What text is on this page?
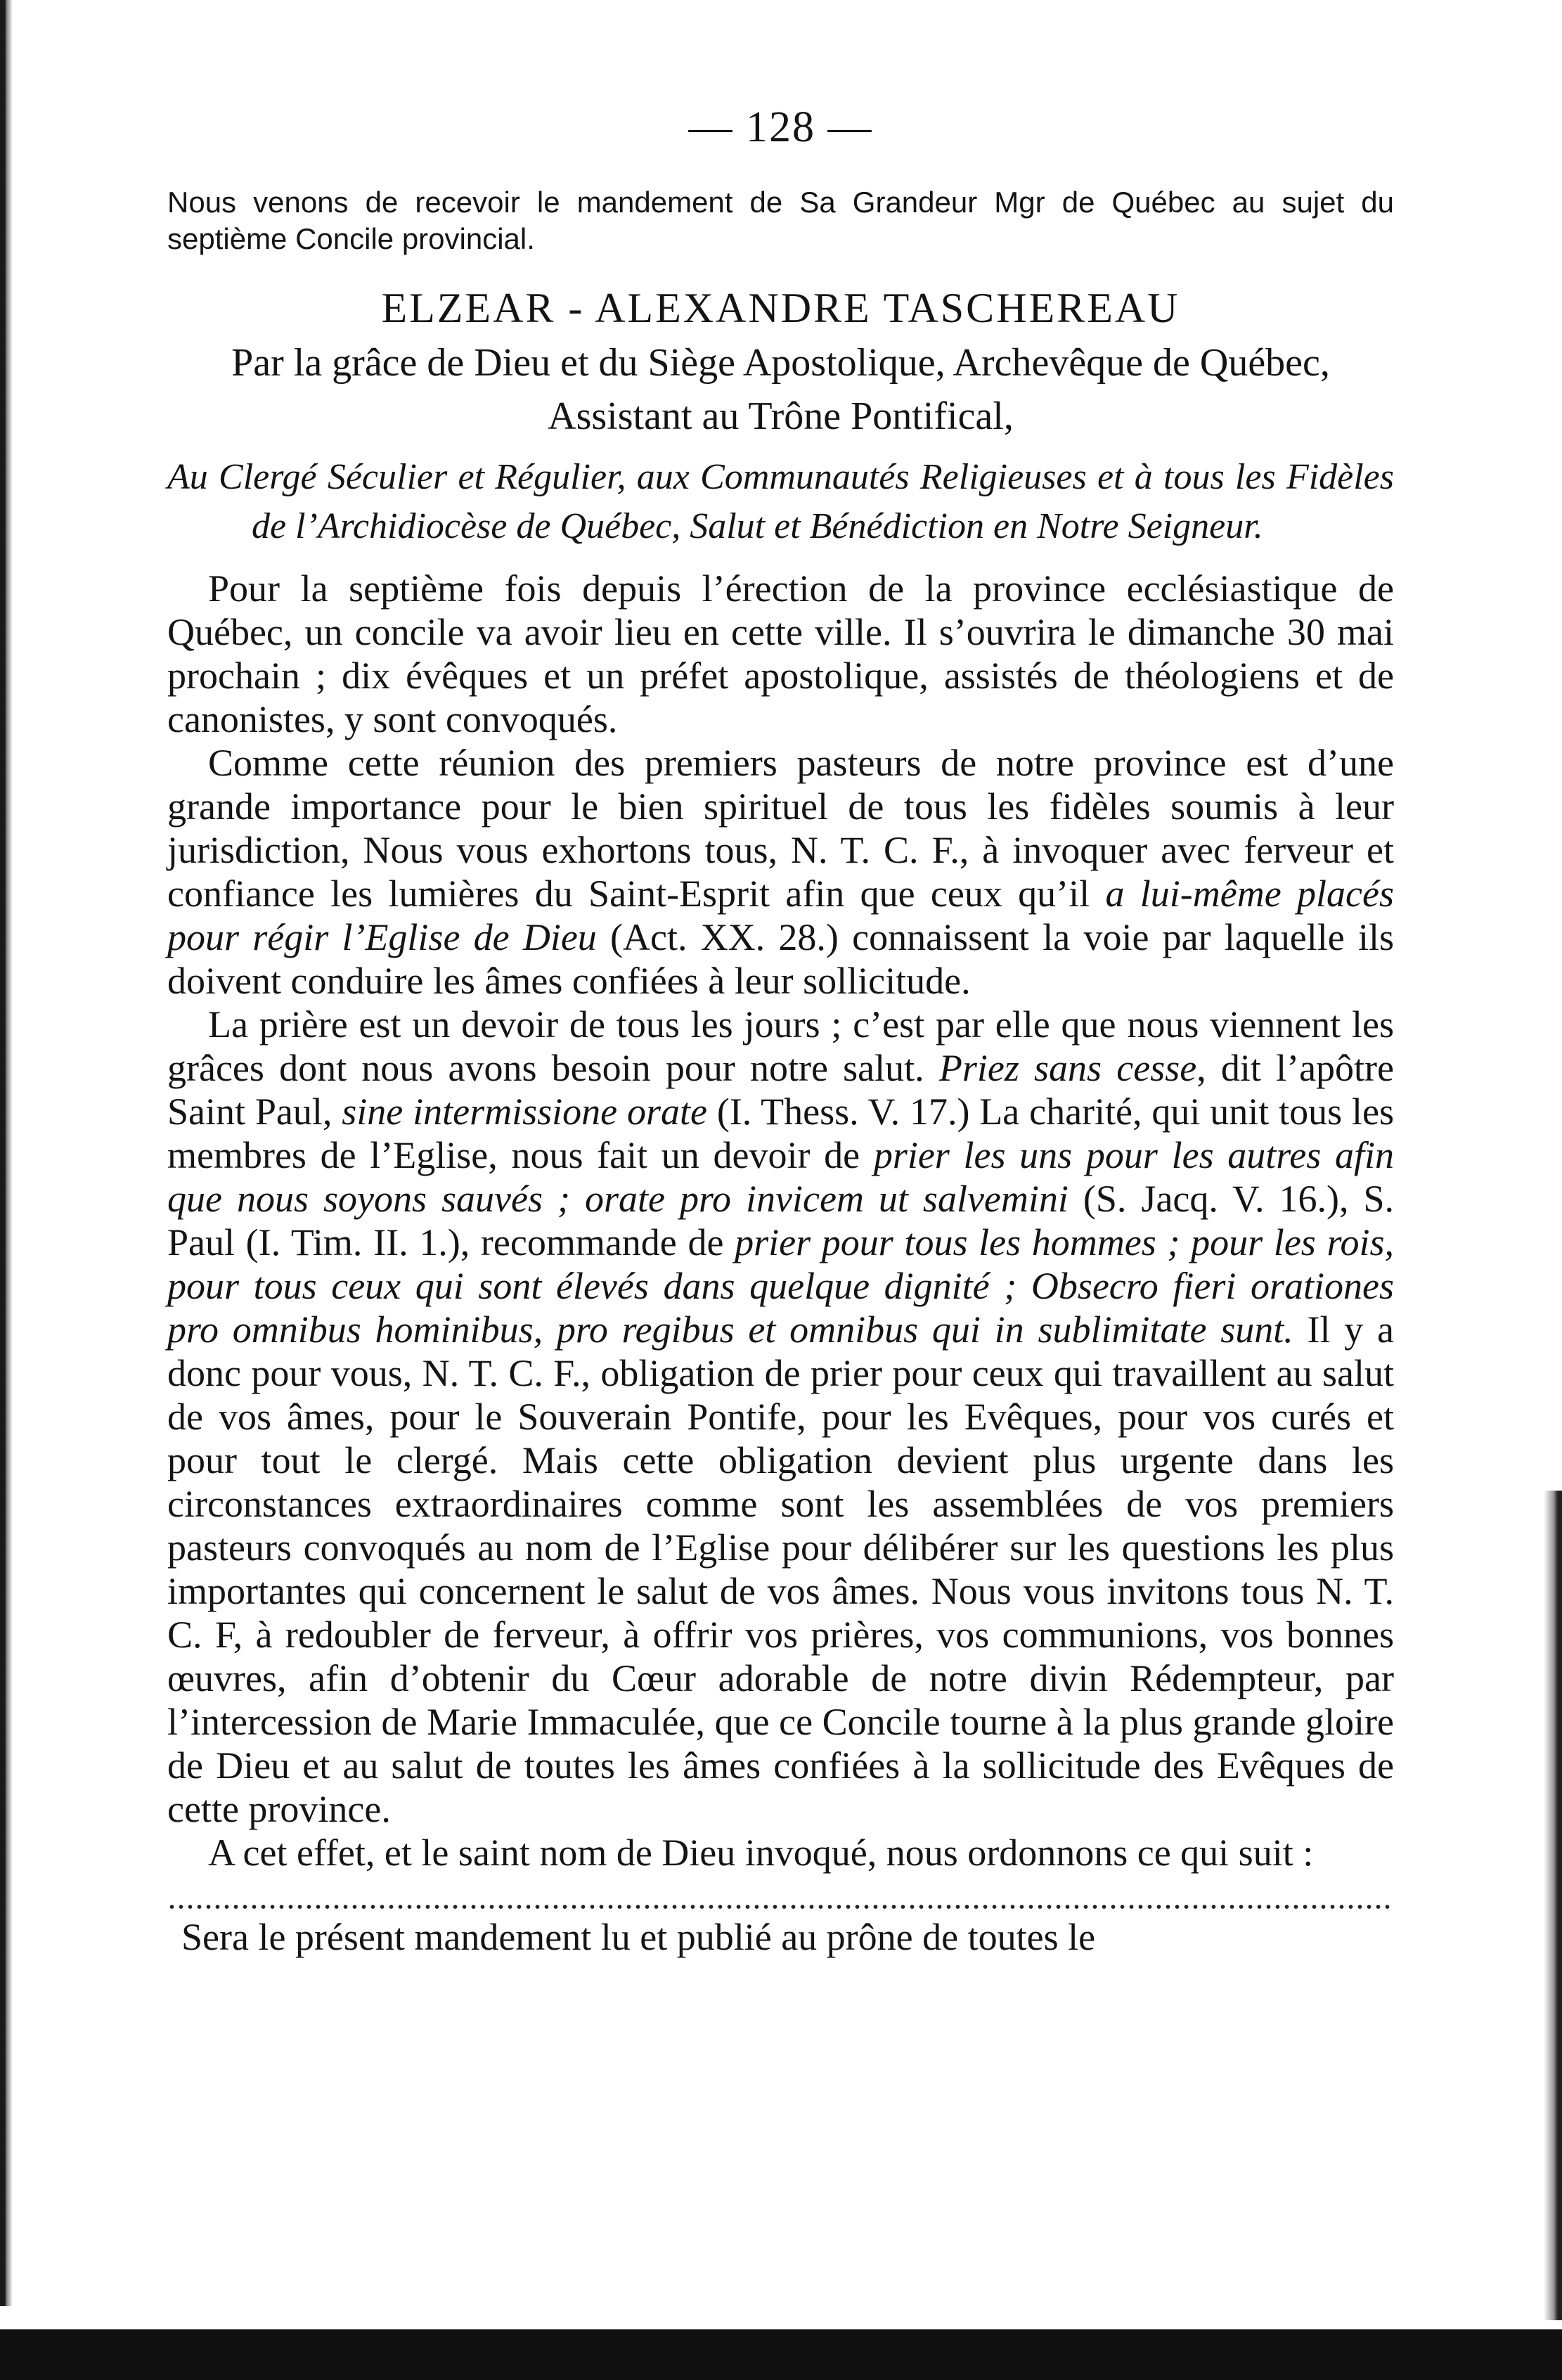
— 128 —

Nous venons de recevoir le mandement de Sa Grandeur Mgr de Québec au sujet du septième Concile provincial.

ELZEAR - ALEXANDRE TASCHEREAU

Par la grâce de Dieu et du Siège Apostolique, Archevêque de Québec, Assistant au Trône Pontifical,

Au Clergé Séculier et Régulier, aux Communautés Religieuses et à tous les Fidèles de l’Archidiocèse de Québec, Salut et Bénédiction en Notre Seigneur.

Pour la septième fois depuis l’érection de la province ecclésiastique de Québec, un concile va avoir lieu en cette ville. Il s’ouvrira le dimanche 30 mai prochain ; dix évêques et un préfet apostolique, assistés de théologiens et de canonistes, y sont convoqués.

Comme cette réunion des premiers pasteurs de notre province est d’une grande importance pour le bien spirituel de tous les fidèles soumis à leur jurisdiction, Nous vous exhortons tous, N. T. C. F., à invoquer avec ferveur et confiance les lumières du Saint-Esprit afin que ceux qu’il a lui-même placés pour régir l’Eglise de Dieu (Act. XX. 28.) connaissent la voie par laquelle ils doivent conduire les âmes confiées à leur sollicitude.

La prière est un devoir de tous les jours ; c’est par elle que nous viennent les grâces dont nous avons besoin pour notre salut. Priez sans cesse, dit l’apôtre Saint Paul, sine intermissione orate (I. Thess. V. 17.) La charité, qui unit tous les membres de l’Eglise, nous fait un devoir de prier les uns pour les autres afin que nous soyons sauvés ; orate pro invicem ut salvemini (S. Jacq. V. 16.), S. Paul (I. Tim. II. 1.), recommande de prier pour tous les hommes ; pour les rois, pour tous ceux qui sont élevés dans quelque dignité ; Obsecro fieri orationes pro omnibus hominibus, pro regibus et omnibus qui in sublimitate sunt. Il y a donc pour vous, N. T. C. F., obligation de prier pour ceux qui travaillent au salut de vos âmes, pour le Souverain Pontife, pour les Evêques, pour vos curés et pour tout le clergé. Mais cette obligation devient plus urgente dans les circonstances extraordinaires comme sont les assemblées de vos premiers pasteurs convoqués au nom de l’Eglise pour délibérer sur les questions les plus importantes qui concernent le salut de vos âmes. Nous vous invitons tous N. T. C. F, à redoubler de ferveur, à offrir vos prières, vos communions, vos bonnes œuvres, afin d’obtenir du Cœur adorable de notre divin Rédempteur, par l’intercession de Marie Immaculée, que ce Concile tourne à la plus grande gloire de Dieu et au salut de toutes les âmes confiées à la sollicitude des Evêques de cette province.

A cet effet, et le saint nom de Dieu invoqué, nous ordonnons ce qui suit :

Sera le présent mandement lu et publié au prône de toutes le
